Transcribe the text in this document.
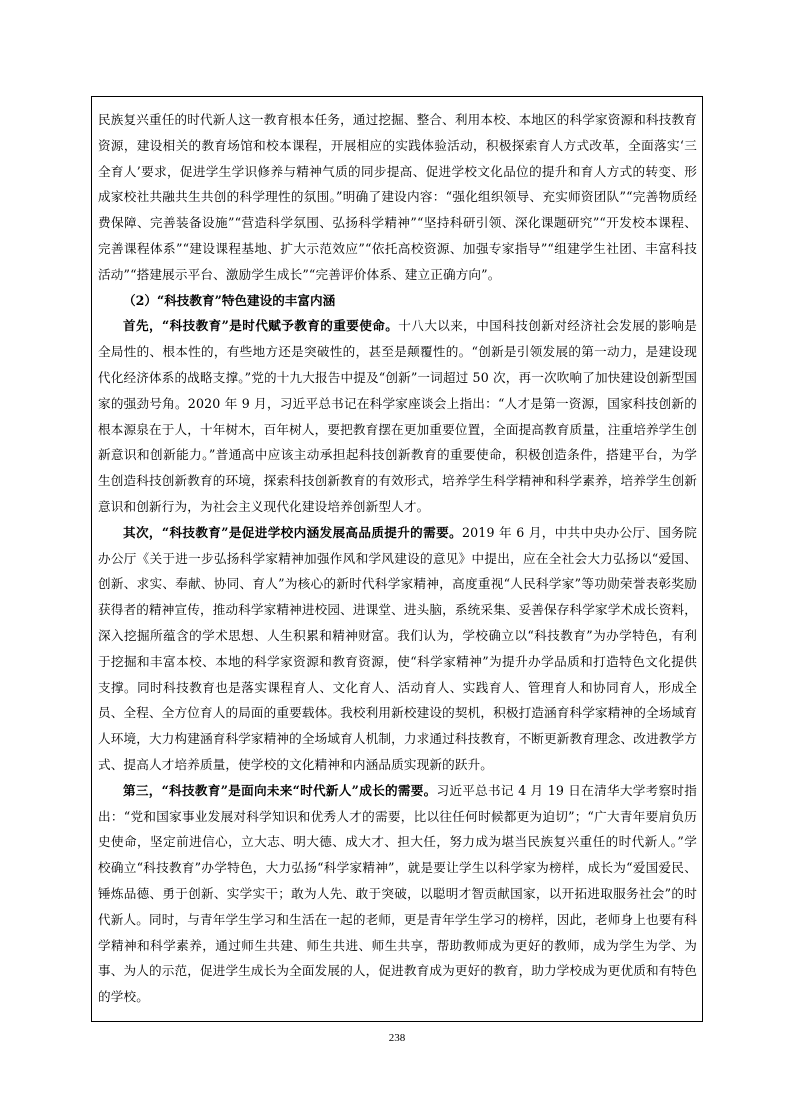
民族复兴重任的时代新人这一教育根本任务，通过挖掘、整合、利用本校、本地区的科学家资源和科技教育资源，建设相关的教育场馆和校本课程，开展相应的实践体验活动，积极探索育人方式改革，全面落实‘三全育人’要求，促进学生学识修养与精神气质的同步提高、促进学校文化品位的提升和育人方式的转变、形成家校社共融共生共创的科学理性的氛围。”明确了建设内容：“强化组织领导、充实师资团队”“完善物质经费保障、完善装备设施”“营造科学氛围、弘扬科学精神”“坚持科研引领、深化课题研究”“开发校本课程、完善课程体系”“建设课程基地、扩大示范效应”“依托高校资源、加强专家指导”“组建学生社团、丰富科技活动”“搭建展示平台、激励学生成长”“完善评价体系、建立正确方向”。

（2）“科技教育”特色建设的丰富内涵

首先，“科技教育”是时代赋予教育的重要使命。十八大以来，中国科技创新对经济社会发展的影响是全局性的、根本性的，有些地方还是突破性的，甚至是颠覆性的。“创新是引领发展的第一动力，是建设现代化经济体系的战略支撑。”党的十九大报告中提及“创新”一词超过 50 次，再一次吹响了加快建设创新型国家的强劲号角。2020 年 9 月，习近平总书记在科学家座谈会上指出：“人才是第一资源，国家科技创新的根本源泉在于人，十年树木，百年树人，要把教育摆在更加重要位置，全面提高教育质量，注重培养学生创新意识和创新能力。”普通高中应该主动承担起科技创新教育的重要使命，积极创造条件，搭建平台，为学生创造科技创新教育的环境，探索科技创新教育的有效形式，培养学生科学精神和科学素养，培养学生创新意识和创新行为，为社会主义现代化建设培养创新型人才。

其次，“科技教育”是促进学校内涵发展高品质提升的需要。2019 年 6 月，中共中央办公厅、国务院办公厅《关于进一步弘扬科学家精神加强作风和学风建设的意见》中提出，应在全社会大力弘扬以“爱国、创新、求实、奉献、协同、育人”为核心的新时代科学家精神，高度重视“人民科学家”等功勋荣誉表彰奖励获得者的精神宣传，推动科学家精神进校园、进课堂、进头脑，系统采集、妥善保存科学家学术成长资料，深入挖掘所蕴含的学术思想、人生积累和精神财富。我们认为，学校确立以“科技教育”为办学特色，有利于挖掘和丰富本校、本地的科学家资源和教育资源，使“科学家精神”为提升办学品质和打造特色文化提供支撑。同时科技教育也是落实课程育人、文化育人、活动育人、实践育人、管理育人和协同育人，形成全员、全程、全方位育人的局面的重要载体。我校利用新校建设的契机，积极打造涵育科学家精神的全场域育人环境，大力构建涵育科学家精神的全场域育人机制，力求通过科技教育，不断更新教育理念、改进教学方式、提高人才培养质量，使学校的文化精神和内涵品质实现新的跃升。

第三，“科技教育”是面向未来“时代新人”成长的需要。习近平总书记 4 月 19 日在清华大学考察时指出：“党和国家事业发展对科学知识和优秀人才的需要，比以往任何时候都更为迫切”；“广大青年要肩负历史使命，坚定前进信心，立大志、明大德、成大才、担大任，努力成为堪当民族复兴重任的时代新人。”学校确立“科技教育”办学特色，大力弘扬“科学家精神”，就是要让学生以科学家为榜样，成长为“爱国爱民、锤炼品德、勇于创新、实学实干；敢为人先、敢于突破，以聪明才智贡献国家，以开拓进取服务社会”的时代新人。同时，与青年学生学习和生活在一起的老师，更是青年学生学习的榜样，因此，老师身上也要有科学精神和科学素养，通过师生共建、师生共进、师生共享，帮助教师成为更好的教师，成为学生为学、为事、为人的示范，促进学生成长为全面发展的人，促进教育成为更好的教育，助力学校成为更优质和有特色的学校。

238
